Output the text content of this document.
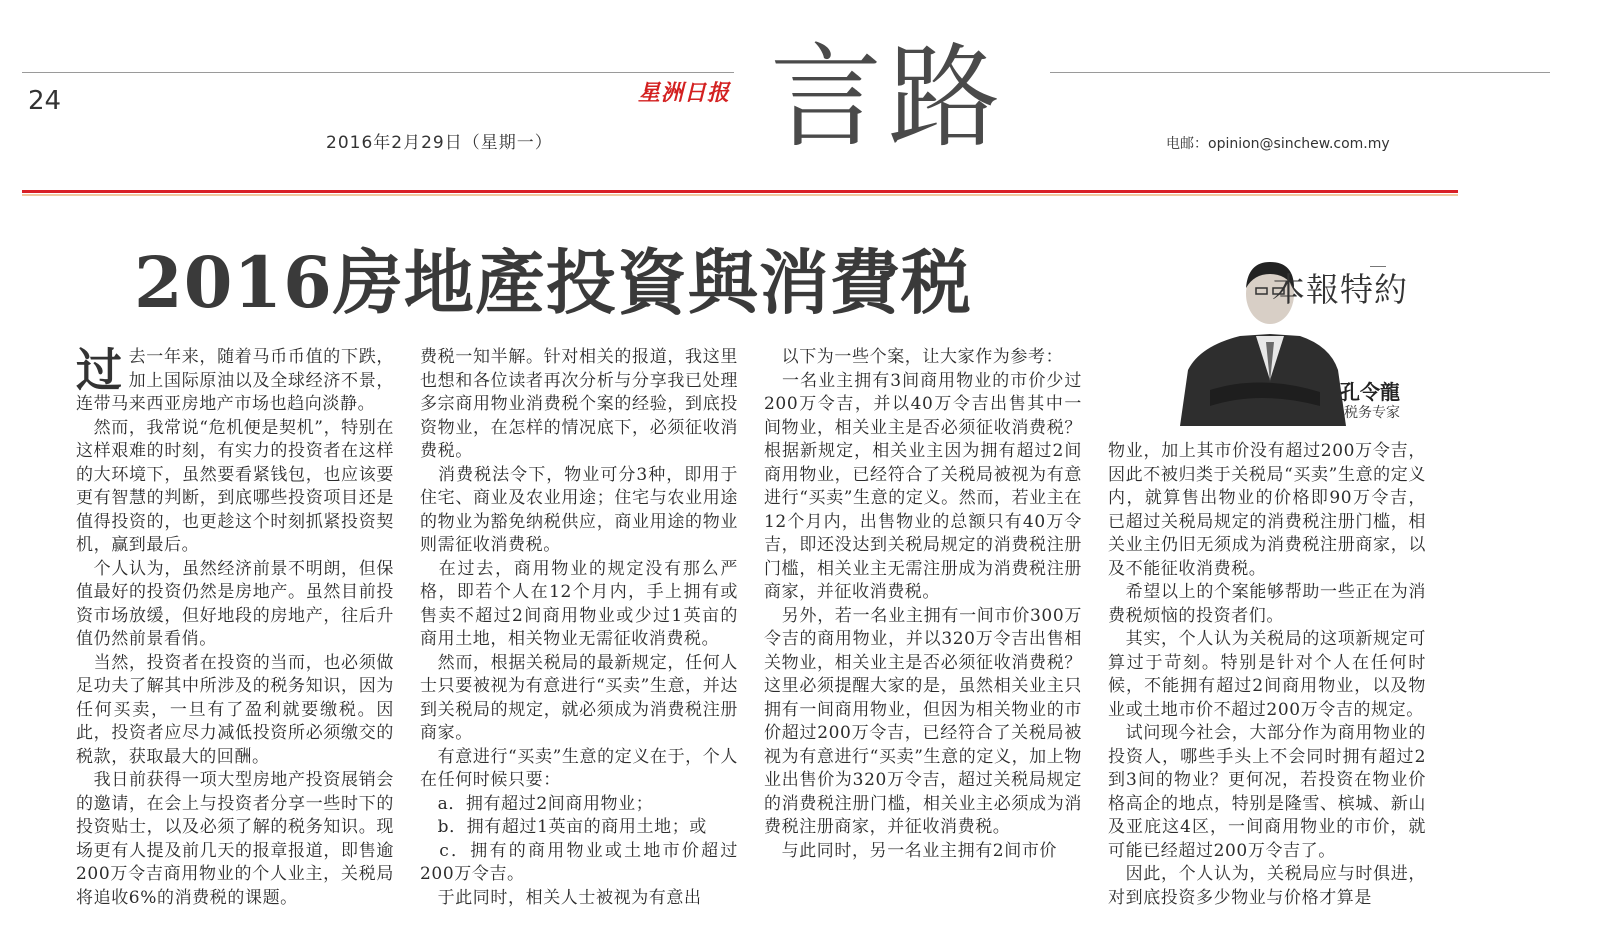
24	星洲日报 言路
2016年2月29日（星期一）	电邮：opinion@sinchew.com.my
2016房地產投資與消費税	本報特約
孔令龍
税务专家
过 去一年来，随着马币币值的下跌，加上国际原油以及全球经济不景，连带马来西亚房地产市场也趋向淡静。

　然而，我常说“危机便是契机”，特别在这样艰难的时刻，有实力的投资者在这样的大环境下，虽然要看紧钱包，也应该要更有智慧的判断，到底哪些投资项目还是值得投资的，也更趁这个时刻抓紧投资契机，赢到最后。

　个人认为，虽然经济前景不明朗，但保值最好的投资仍然是房地产。虽然目前投资市场放缓，但好地段的房地产，往后升值仍然前景看俏。

　当然，投资者在投资的当而，也必须做足功夫了解其中所涉及的税务知识，因为任何买卖，一旦有了盈利就要缴税。因此，投资者应尽力减低投资所必须缴交的税款，获取最大的回酬。

　我日前获得一项大型房地产投资展销会的邀请，在会上与投资者分享一些时下的投资贴士，以及必须了解的税务知识。现场更有人提及前几天的报章报道，即售逾200万令吉商用物业的个人业主，关税局将追收6%的消费税的课题。

费税一知半解。针对相关的报道，我这里也想和各位读者再次分析与分享我已处理多宗商用物业消费税个案的经验，到底投资物业，在怎样的情况底下，必须征收消费税。

　消费税法令下，物业可分3种，即用于住宅、商业及农业用途；住宅与农业用途的物业为豁免纳税供应，商业用途的物业则需征收消费税。

　在过去，商用物业的规定没有那么严格，即若个人在12个月内，手上拥有或售卖不超过2间商用物业或少过1英亩的商用土地，相关物业无需征收消费税。

　然而，根据关税局的最新规定，任何人士只要被视为有意进行“买卖”生意，并达到关税局的规定，就必须成为消费税注册商家。

　有意进行“买卖”生意的定义在于，个人在任何时候只要：

　a．拥有超过2间商用物业；

　b．拥有超过1英亩的商用土地；或

　c．拥有的商用物业或土地市价超过200万令吉。

　于此同时，相关人士被视为有意出

　以下为一些个案，让大家作为参考：

　一名业主拥有3间商用物业的市价少过200万令吉，并以40万令吉出售其中一间物业，相关业主是否必须征收消费税？根据新规定，相关业主因为拥有超过2间商用物业，已经符合了关税局被视为有意进行“买卖”生意的定义。然而，若业主在12个月内，出售物业的总额只有40万令吉，即还没达到关税局规定的消费税注册门槛，相关业主无需注册成为消费税注册商家，并征收消费税。

　另外，若一名业主拥有一间市价300万令吉的商用物业，并以320万令吉出售相关物业，相关业主是否必须征收消费税？这里必须提醒大家的是，虽然相关业主只拥有一间商用物业，但因为相关物业的市价超过200万令吉，已经符合了关税局被视为有意进行“买卖”生意的定义，加上物业出售价为320万令吉，超过关税局规定的消费税注册门槛，相关业主必须成为消费税注册商家，并征收消费税。

　与此同时，另一名业主拥有2间市价

物业，加上其市价没有超过200万令吉，因此不被归类于关税局“买卖”生意的定义内，就算售出物业的价格即90万令吉，已超过关税局规定的消费税注册门槛，相关业主仍旧无须成为消费税注册商家，以及不能征收消费税。

　希望以上的个案能够帮助一些正在为消费税烦恼的投资者们。

　其实，个人认为关税局的这项新规定可算过于苛刻。特别是针对个人在任何时候，不能拥有超过2间商用物业，以及物业或土地市价不超过200万令吉的规定。

　试问现今社会，大部分作为商用物业的投资人，哪些手头上不会同时拥有超过2到3间的物业？更何况，若投资在物业价格高企的地点，特别是隆雪、槟城、新山及亚庇这4区，一间商用物业的市价，就可能已经超过200万令吉了。

　因此，个人认为，关税局应与时俱进，对到底投资多少物业与价格才算是
